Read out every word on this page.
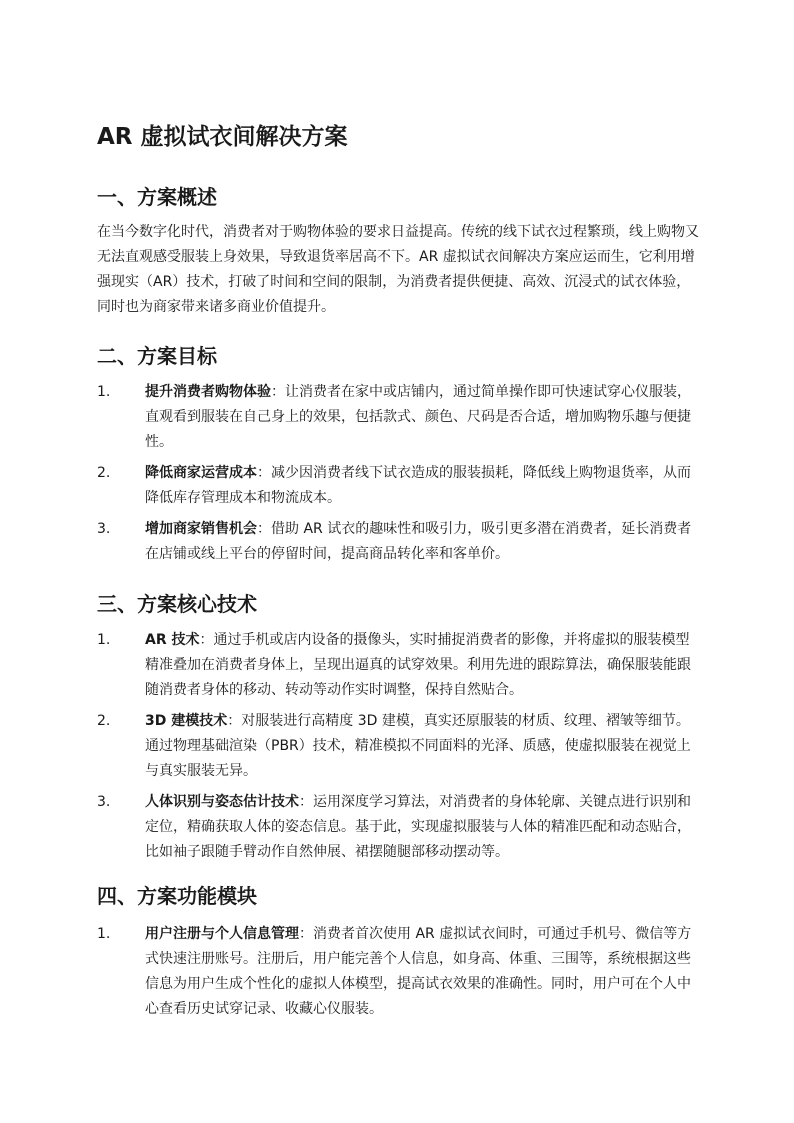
AR 虚拟试衣间解决方案
一、方案概述

在当今数字化时代，消费者对于购物体验的要求日益提高。传统的线下试衣过程繁琐，线上购物又无法直观感受服装上身效果，导致退货率居高不下。AR 虚拟试衣间解决方案应运而生，它利用增强现实（AR）技术，打破了时间和空间的限制，为消费者提供便捷、高效、沉浸式的试衣体验，同时也为商家带来诸多商业价值提升。

二、方案目标
1. 提升消费者购物体验：让消费者在家中或店铺内，通过简单操作即可快速试穿心仪服装，直观看到服装在自己身上的效果，包括款式、颜色、尺码是否合适，增加购物乐趣与便捷性。
2. 降低商家运营成本：减少因消费者线下试衣造成的服装损耗，降低线上购物退货率，从而降低库存管理成本和物流成本。
3. 增加商家销售机会：借助 AR 试衣的趣味性和吸引力，吸引更多潜在消费者，延长消费者在店铺或线上平台的停留时间，提高商品转化率和客单价。
三、方案核心技术
1. AR 技术：通过手机或店内设备的摄像头，实时捕捉消费者的影像，并将虚拟的服装模型精准叠加在消费者身体上，呈现出逼真的试穿效果。利用先进的跟踪算法，确保服装能跟随消费者身体的移动、转动等动作实时调整，保持自然贴合。
2. 3D 建模技术：对服装进行高精度 3D 建模，真实还原服装的材质、纹理、褶皱等细节。通过物理基础渲染（PBR）技术，精准模拟不同面料的光泽、质感，使虚拟服装在视觉上与真实服装无异。
3. 人体识别与姿态估计技术：运用深度学习算法，对消费者的身体轮廓、关键点进行识别和定位，精确获取人体的姿态信息。基于此，实现虚拟服装与人体的精准匹配和动态贴合，比如袖子跟随手臂动作自然伸展、裙摆随腿部移动摆动等。
四、方案功能模块
1. 用户注册与个人信息管理：消费者首次使用 AR 虚拟试衣间时，可通过手机号、微信等方式快速注册账号。注册后，用户能完善个人信息，如身高、体重、三围等，系统根据这些信息为用户生成个性化的虚拟人体模型，提高试衣效果的准确性。同时，用户可在个人中心查看历史试穿记录、收藏心仪服装。
